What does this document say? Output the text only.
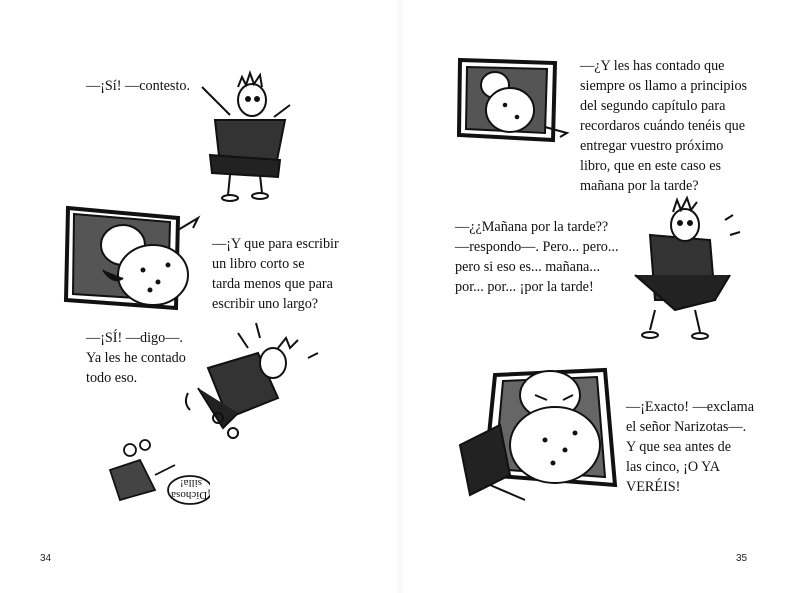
—¡Sí! —contesto.
—¡Y que para escribir
un libro corto se
tarda menos que para
escribir uno largo?
—¡SÍ! —digo—.
Ya les he contado
todo eso.
¡Dichosa silla!
34
—¿Y les has contado que
siempre os llamo a principios
del segundo capítulo para
recordaros cuándo tenéis que
entregar vuestro próximo
libro, que en este caso es
mañana por la tarde?
—¿¿Mañana por la tarde??
—respondo—. Pero... pero...
pero si eso es... mañana...
por... por... ¡por la tarde!
—¡Exacto! —exclama
el señor Narizotas—.
Y que sea antes de
las cinco, ¡O YA
VERÉIS!
35
